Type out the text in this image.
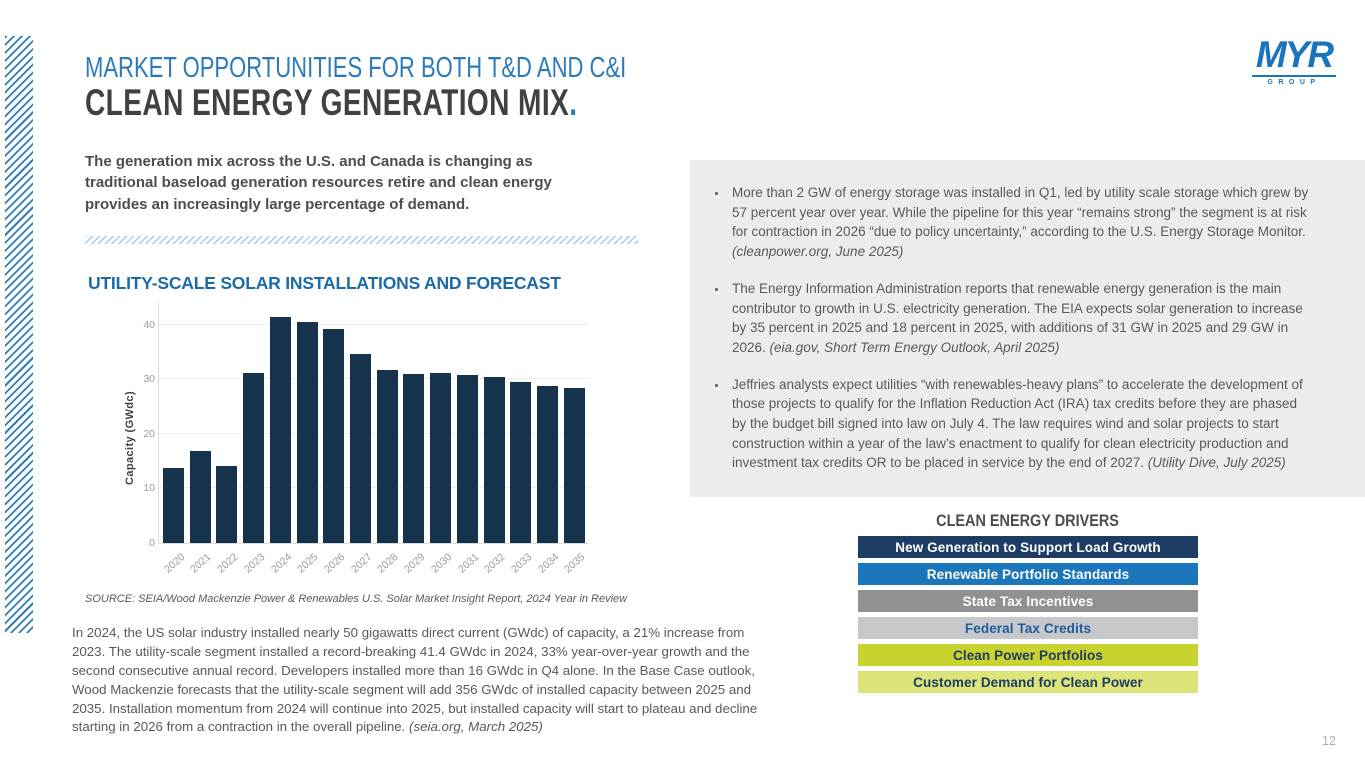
MARKET OPPORTUNITIES FOR BOTH T&D AND C&I
CLEAN ENERGY GENERATION MIX.
MYR
GROUP
The generation mix across the U.S. and Canada is changing as traditional baseload generation resources retire and clean energy provides an increasingly large percentage of demand.
UTILITY-SCALE SOLAR INSTALLATIONS AND FORECAST
Capacity (GWdc)
0
10
20
30
40
2020 2021 2022 2023 2024 2025 2026 2027 2028 2029 2030 2031 2032 2033 2034 2035
SOURCE: SEIA/Wood Mackenzie Power & Renewables U.S. Solar Market Insight Report, 2024 Year in Review
In 2024, the US solar industry installed nearly 50 gigawatts direct current (GWdc) of capacity, a 21% increase from 2023. The utility-scale segment installed a record-breaking 41.4 GWdc in 2024, 33% year-over-year growth and the second consecutive annual record. Developers installed more than 16 GWdc in Q4 alone. In the Base Case outlook, Wood Mackenzie forecasts that the utility-scale segment will add 356 GWdc of installed capacity between 2025 and 2035. Installation momentum from 2024 will continue into 2025, but installed capacity will start to plateau and decline starting in 2026 from a contraction in the overall pipeline. (seia.org, March 2025)
• More than 2 GW of energy storage was installed in Q1, led by utility scale storage which grew by 57 percent year over year. While the pipeline for this year “remains strong” the segment is at risk for contraction in 2026 “due to policy uncertainty,” according to the U.S. Energy Storage Monitor. (cleanpower.org, June 2025)
• The Energy Information Administration reports that renewable energy generation is the main contributor to growth in U.S. electricity generation. The EIA expects solar generation to increase by 35 percent in 2025 and 18 percent in 2025, with additions of 31 GW in 2025 and 29 GW in 2026. (eia.gov, Short Term Energy Outlook, April 2025)
• Jeffries analysts expect utilities “with renewables-heavy plans” to accelerate the development of those projects to qualify for the Inflation Reduction Act (IRA) tax credits before they are phased by the budget bill signed into law on July 4. The law requires wind and solar projects to start construction within a year of the law’s enactment to qualify for clean electricity production and investment tax credits OR to be placed in service by the end of 2027. (Utility Dive, July 2025)
CLEAN ENERGY DRIVERS
New Generation to Support Load Growth
Renewable Portfolio Standards
State Tax Incentives
Federal Tax Credits
Clean Power Portfolios
Customer Demand for Clean Power
12
